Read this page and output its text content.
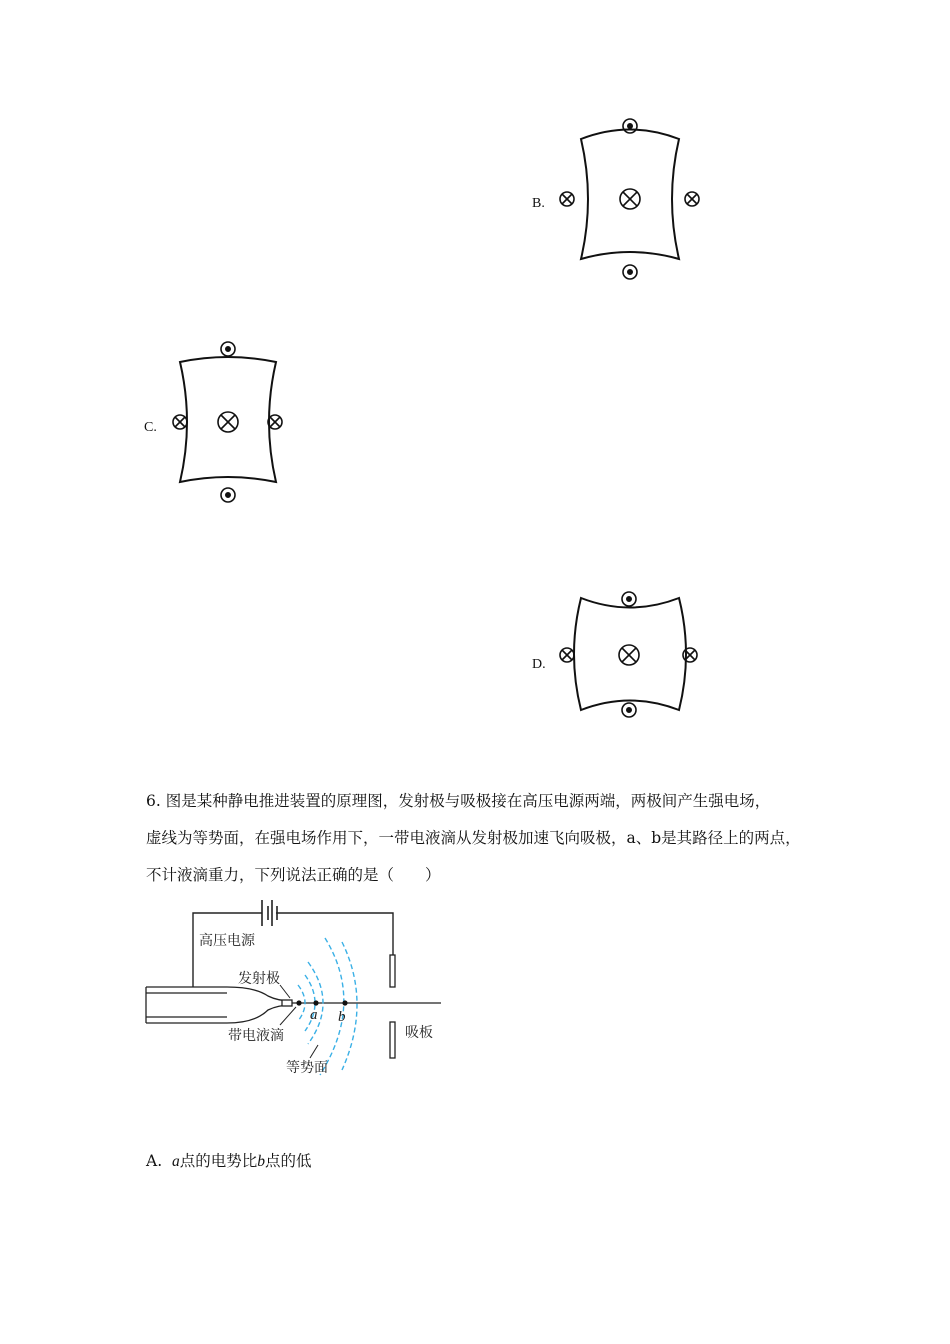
B.
C.
D.
6. 图是某种静电推进装置的原理图，发射极与吸极接在高压电源两端，两极间产生强电场，
虚线为等势面，在强电场作用下，一带电液滴从发射极加速飞向吸极，a、b是其路径上的两点，
不计液滴重力，下列说法正确的是（　　）
高压电源
发射极
带电液滴
等势面
吸板
a b
A. a点的电势比b点的低
